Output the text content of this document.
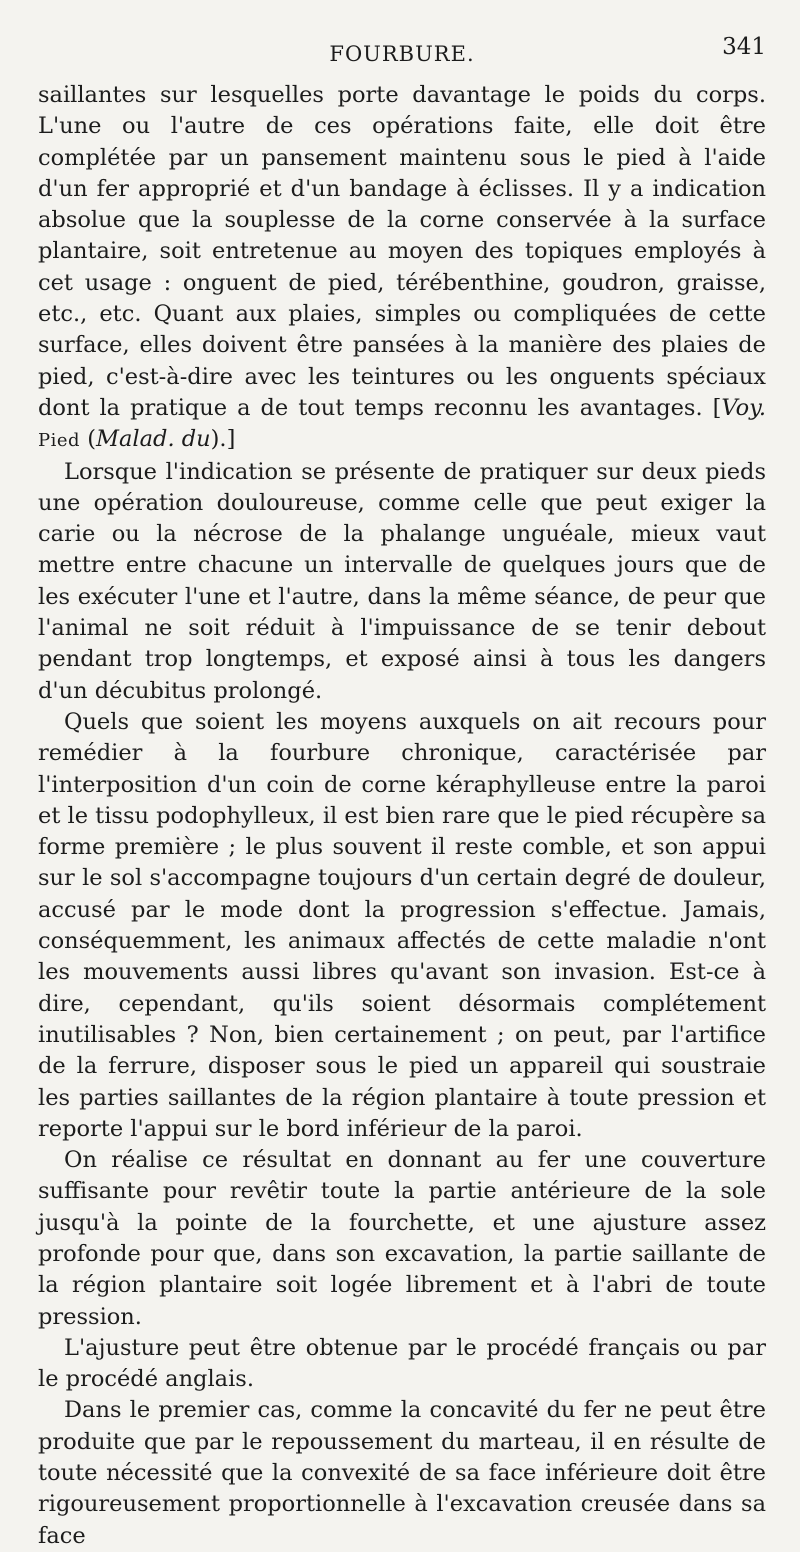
FOURBURE.	341

saillantes sur lesquelles porte davantage le poids du corps. L'une ou l'autre de ces opérations faite, elle doit être complétée par un pansement maintenu sous le pied à l'aide d'un fer approprié et d'un bandage à éclisses. Il y a indication absolue que la souplesse de la corne conservée à la surface plantaire, soit entretenue au moyen des topiques employés à cet usage : onguent de pied, térébenthine, goudron, graisse, etc., etc. Quant aux plaies, simples ou compliquées de cette surface, elles doivent être pansées à la manière des plaies de pied, c'est-à-dire avec les teintures ou les onguents spéciaux dont la pratique a de tout temps reconnu les avantages. [Voy. Pied (Malad. du).]

Lorsque l'indication se présente de pratiquer sur deux pieds une opération douloureuse, comme celle que peut exiger la carie ou la nécrose de la phalange unguéale, mieux vaut mettre entre chacune un intervalle de quelques jours que de les exécuter l'une et l'autre, dans la même séance, de peur que l'animal ne soit réduit à l'impuissance de se tenir debout pendant trop longtemps, et exposé ainsi à tous les dangers d'un décubitus prolongé.

Quels que soient les moyens auxquels on ait recours pour remédier à la fourbure chronique, caractérisée par l'interposition d'un coin de corne kéraphylleuse entre la paroi et le tissu podophylleux, il est bien rare que le pied récupère sa forme première ; le plus souvent il reste comble, et son appui sur le sol s'accompagne toujours d'un certain degré de douleur, accusé par le mode dont la progression s'effectue. Jamais, conséquemment, les animaux affectés de cette maladie n'ont les mouvements aussi libres qu'avant son invasion. Est-ce à dire, cependant, qu'ils soient désormais complétement inutilisables ? Non, bien certainement ; on peut, par l'artifice de la ferrure, disposer sous le pied un appareil qui soustraie les parties saillantes de la région plantaire à toute pression et reporte l'appui sur le bord inférieur de la paroi.

On réalise ce résultat en donnant au fer une couverture suffisante pour revêtir toute la partie antérieure de la sole jusqu'à la pointe de la fourchette, et une ajusture assez profonde pour que, dans son excavation, la partie saillante de la région plantaire soit logée librement et à l'abri de toute pression.

L'ajusture peut être obtenue par le procédé français ou par le procédé anglais.

Dans le premier cas, comme la concavité du fer ne peut être produite que par le repoussement du marteau, il en résulte de toute nécessité que la convexité de sa face inférieure doit être rigoureusement proportionnelle à l'excavation creusée dans sa face
